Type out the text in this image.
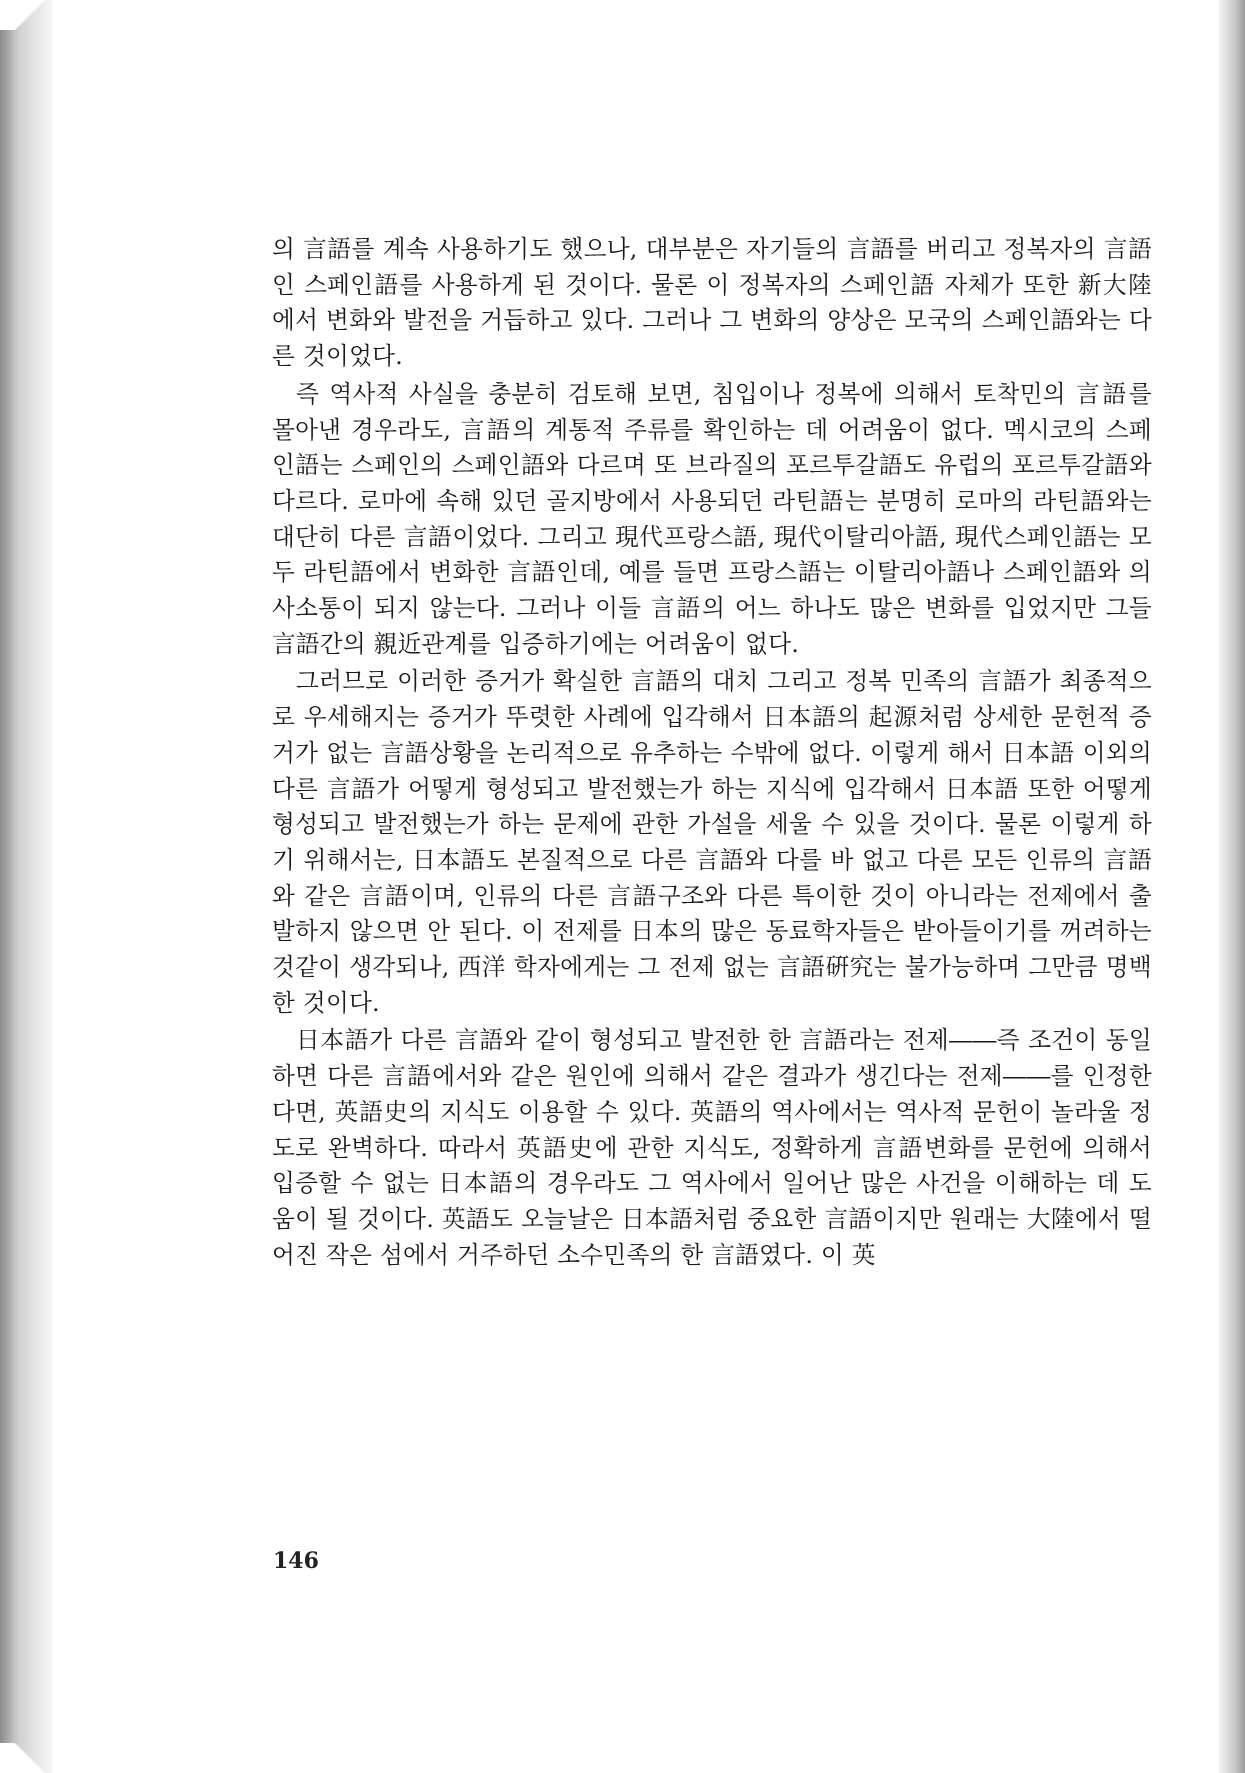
의 言語를 계속 사용하기도 했으나, 대부분은 자기들의 言語를 버리고 정복자의 言語인 스페인語를 사용하게 된 것이다. 물론 이 정복자의 스페인語 자체가 또한 新大陸에서 변화와 발전을 거듭하고 있다. 그러나 그 변화의 양상은 모국의 스페인語와는 다른 것이었다.

즉 역사적 사실을 충분히 검토해 보면, 침입이나 정복에 의해서 토착민의 言語를 몰아낸 경우라도, 言語의 계통적 주류를 확인하는 데 어려움이 없다. 멕시코의 스페인語는 스페인의 스페인語와 다르며 또 브라질의 포르투갈語도 유럽의 포르투갈語와 다르다. 로마에 속해 있던 골지방에서 사용되던 라틴語는 분명히 로마의 라틴語와는 대단히 다른 言語이었다. 그리고 現代프랑스語, 現代이탈리아語, 現代스페인語는 모두 라틴語에서 변화한 言語인데, 예를 들면 프랑스語는 이탈리아語나 스페인語와 의사소통이 되지 않는다. 그러나 이들 言語의 어느 하나도 많은 변화를 입었지만 그들 言語간의 親近관계를 입증하기에는 어려움이 없다.

그러므로 이러한 증거가 확실한 言語의 대치 그리고 정복 민족의 言語가 최종적으로 우세해지는 증거가 뚜렷한 사례에 입각해서 日本語의 起源처럼 상세한 문헌적 증거가 없는 言語상황을 논리적으로 유추하는 수밖에 없다. 이렇게 해서 日本語 이외의 다른 言語가 어떻게 형성되고 발전했는가 하는 지식에 입각해서 日本語 또한 어떻게 형성되고 발전했는가 하는 문제에 관한 가설을 세울 수 있을 것이다. 물론 이렇게 하기 위해서는, 日本語도 본질적으로 다른 言語와 다를 바 없고 다른 모든 인류의 言語와 같은 言語이며, 인류의 다른 言語구조와 다른 특이한 것이 아니라는 전제에서 출발하지 않으면 안 된다. 이 전제를 日本의 많은 동료학자들은 받아들이기를 꺼려하는 것같이 생각되나, 西洋 학자에게는 그 전제 없는 言語硏究는 불가능하며 그만큼 명백한 것이다.

日本語가 다른 言語와 같이 형성되고 발전한 한 言語라는 전제――즉 조건이 동일하면 다른 言語에서와 같은 원인에 의해서 같은 결과가 생긴다는 전제――를 인정한다면, 英語史의 지식도 이용할 수 있다. 英語의 역사에서는 역사적 문헌이 놀라울 정도로 완벽하다. 따라서 英語史에 관한 지식도, 정확하게 言語변화를 문헌에 의해서 입증할 수 없는 日本語의 경우라도 그 역사에서 일어난 많은 사건을 이해하는 데 도움이 될 것이다. 英語도 오늘날은 日本語처럼 중요한 言語이지만 원래는 大陸에서 떨어진 작은 섬에서 거주하던 소수민족의 한 言語였다. 이 英

146
